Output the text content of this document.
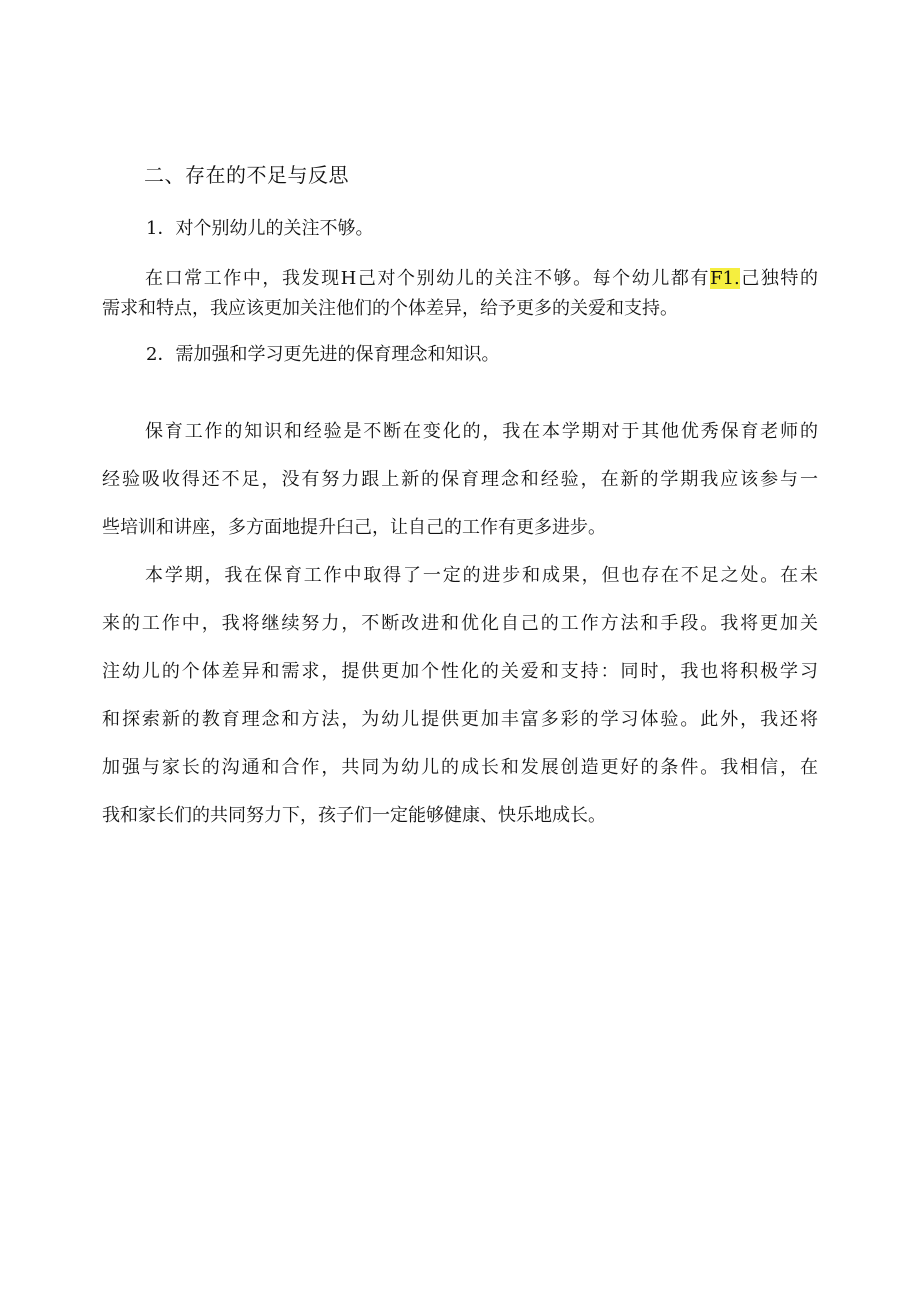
二、存在的不足与反思

1．对个别幼儿的关注不够。

在口常工作中，我发现H己对个别幼儿的关注不够。每个幼儿都有F1.己独特的
需求和特点，我应该更加关注他们的个体差异，给予更多的关爱和支持。

2．需加强和学习更先进的保育理念和知识。

保育工作的知识和经验是不断在变化的，我在本学期对于其他优秀保育老师的
经验吸收得还不足，没有努力跟上新的保育理念和经验，在新的学期我应该参与一
些培训和讲座，多方面地提升臼己，让自己的工作有更多进步。

本学期，我在保育工作中取得了一定的进步和成果，但也存在不足之处。在未
来的工作中，我将继续努力，不断改进和优化自己的工作方法和手段。我将更加关
注幼儿的个体差异和需求，提供更加个性化的关爱和支持：同时，我也将积极学习
和探索新的教育理念和方法，为幼儿提供更加丰富多彩的学习体验。此外，我还将
加强与家长的沟通和合作，共同为幼儿的成长和发展创造更好的条件。我相信，在
我和家长们的共同努力下，孩子们一定能够健康、快乐地成长。
